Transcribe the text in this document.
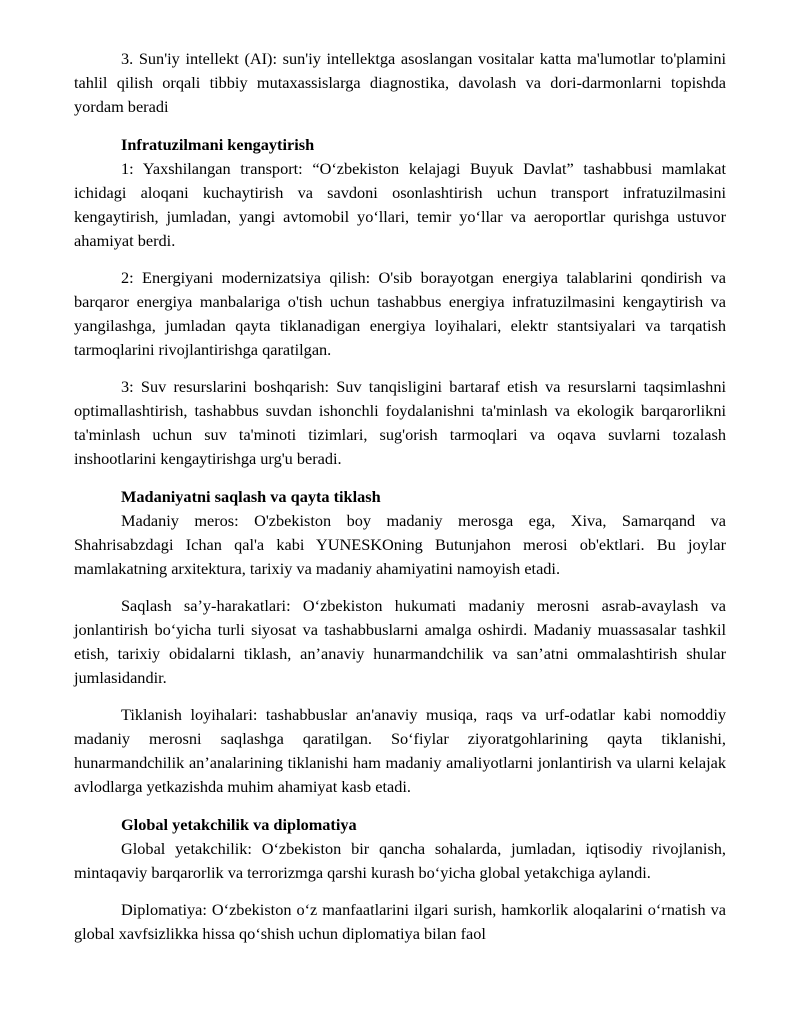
3. Sun'iy intellekt (AI): sun'iy intellektga asoslangan vositalar katta ma'lumotlar to'plamini tahlil qilish orqali tibbiy mutaxassislarga diagnostika, davolash va dori-darmonlarni topishda yordam beradi

Infratuzilmani kengaytirish

1: Yaxshilangan transport: “O‘zbekiston kelajagi Buyuk Davlat” tashabbusi mamlakat ichidagi aloqani kuchaytirish va savdoni osonlashtirish uchun transport infratuzilmasini kengaytirish, jumladan, yangi avtomobil yo‘llari, temir yo‘llar va aeroportlar qurishga ustuvor ahamiyat berdi.

2: Energiyani modernizatsiya qilish: O'sib borayotgan energiya talablarini qondirish va barqaror energiya manbalariga o'tish uchun tashabbus energiya infratuzilmasini kengaytirish va yangilashga, jumladan qayta tiklanadigan energiya loyihalari, elektr stantsiyalari va tarqatish tarmoqlarini rivojlantirishga qaratilgan.

3: Suv resurslarini boshqarish: Suv tanqisligini bartaraf etish va resurslarni taqsimlashni optimallashtirish, tashabbus suvdan ishonchli foydalanishni ta'minlash va ekologik barqarorlikni ta'minlash uchun suv ta'minoti tizimlari, sug'orish tarmoqlari va oqava suvlarni tozalash inshootlarini kengaytirishga urg'u beradi.

Madaniyatni saqlash va qayta tiklash

Madaniy meros: O'zbekiston boy madaniy merosga ega, Xiva, Samarqand va Shahrisabzdagi Ichan qal'a kabi YUNESKOning Butunjahon merosi ob'ektlari. Bu joylar mamlakatning arxitektura, tarixiy va madaniy ahamiyatini namoyish etadi.

Saqlash sa’y-harakatlari: O‘zbekiston hukumati madaniy merosni asrab-avaylash va jonlantirish bo‘yicha turli siyosat va tashabbuslarni amalga oshirdi. Madaniy muassasalar tashkil etish, tarixiy obidalarni tiklash, an’anaviy hunarmandchilik va san’atni ommalashtirish shular jumlasidandir.

Tiklanish loyihalari: tashabbuslar an'anaviy musiqa, raqs va urf-odatlar kabi nomoddiy madaniy merosni saqlashga qaratilgan. So‘fiylar ziyoratgohlarining qayta tiklanishi, hunarmandchilik an’analarining tiklanishi ham madaniy amaliyotlarni jonlantirish va ularni kelajak avlodlarga yetkazishda muhim ahamiyat kasb etadi.

Global yetakchilik va diplomatiya

Global yetakchilik: O‘zbekiston bir qancha sohalarda, jumladan, iqtisodiy rivojlanish, mintaqaviy barqarorlik va terrorizmga qarshi kurash bo‘yicha global yetakchiga aylandi.

Diplomatiya: O‘zbekiston o‘z manfaatlarini ilgari surish, hamkorlik aloqalarini o‘rnatish va global xavfsizlikka hissa qo‘shish uchun diplomatiya bilan faol
